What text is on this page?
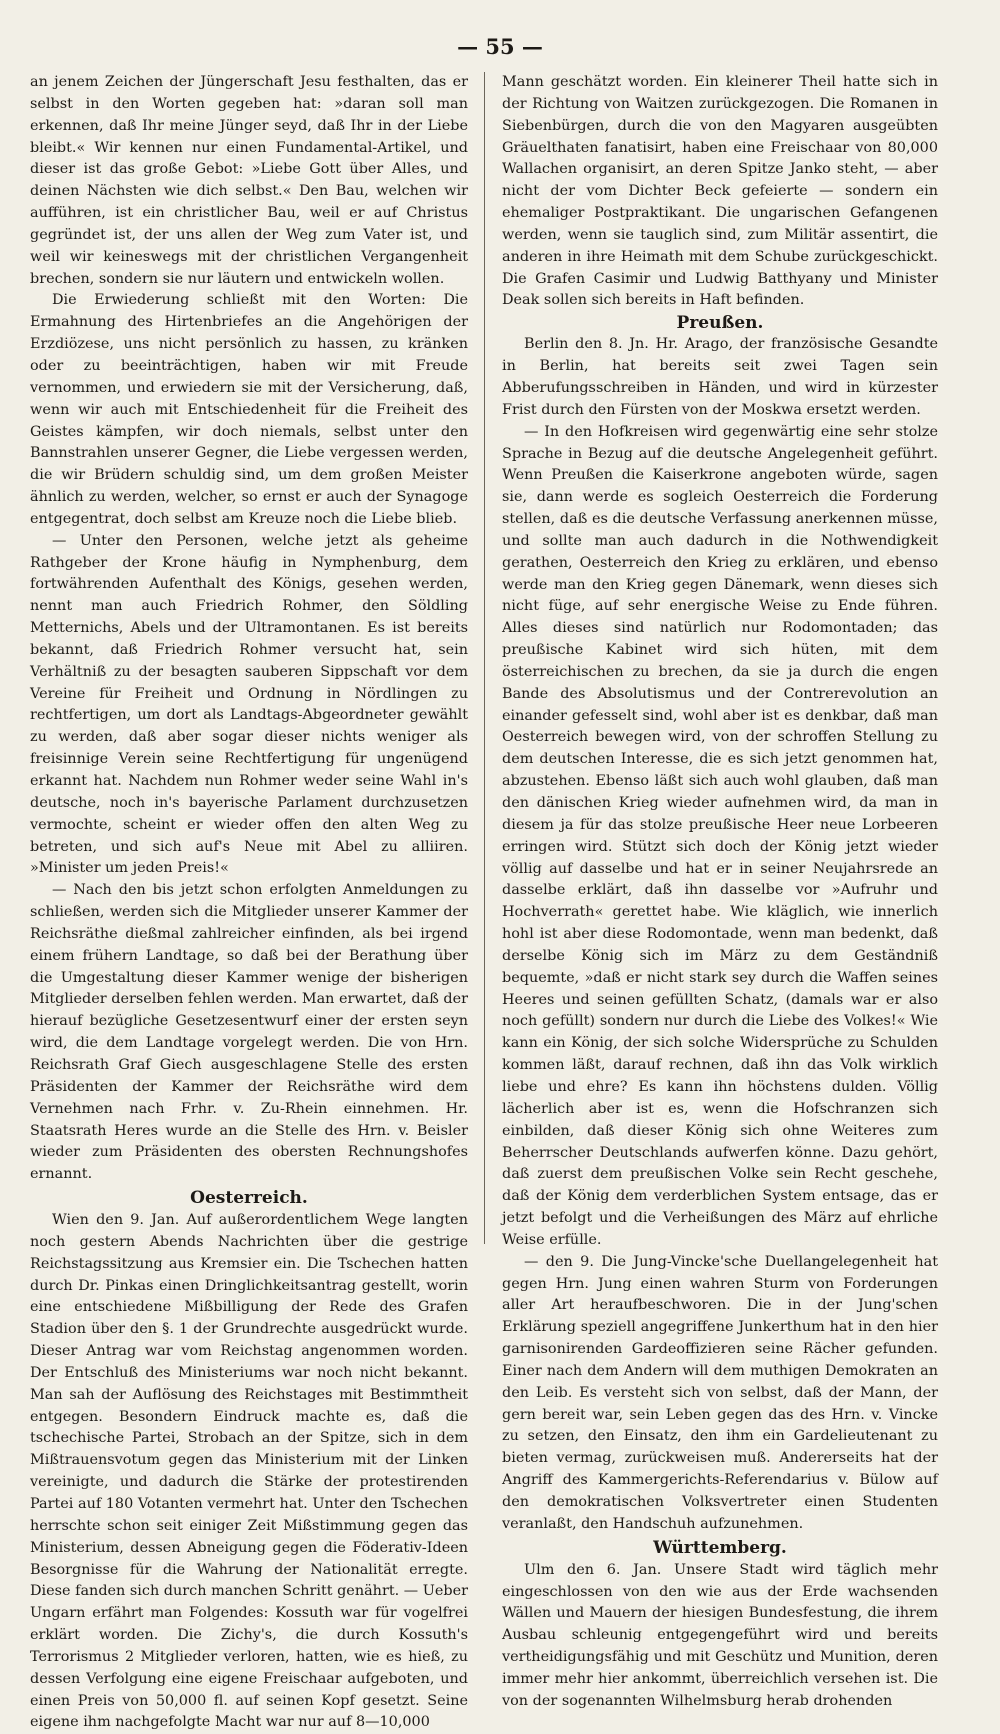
— 55 —

an jenem Zeichen der Jüngerschaft Jesu festhalten, das er selbst in den Worten gegeben hat: »daran soll man erkennen, daß Ihr meine Jünger seyd, daß Ihr in der Liebe bleibt.« Wir kennen nur einen Fundamental-Artikel, und dieser ist das große Gebot: »Liebe Gott über Alles, und deinen Nächsten wie dich selbst.« Den Bau, welchen wir aufführen, ist ein christlicher Bau, weil er auf Christus gegründet ist, der uns allen der Weg zum Vater ist, und weil wir keineswegs mit der christlichen Vergangenheit brechen, sondern sie nur läutern und entwickeln wollen.

Die Erwiederung schließt mit den Worten: Die Ermahnung des Hirtenbriefes an die Angehörigen der Erzdiözese, uns nicht persönlich zu hassen, zu kränken oder zu beeinträchtigen, haben wir mit Freude vernommen, und erwiedern sie mit der Versicherung, daß, wenn wir auch mit Entschiedenheit für die Freiheit des Geistes kämpfen, wir doch niemals, selbst unter den Bannstrahlen unserer Gegner, die Liebe vergessen werden, die wir Brüdern schuldig sind, um dem großen Meister ähnlich zu werden, welcher, so ernst er auch der Synagoge entgegentrat, doch selbst am Kreuze noch die Liebe blieb.

— Unter den Personen, welche jetzt als geheime Rathgeber der Krone häufig in Nymphenburg, dem fortwährenden Aufenthalt des Königs, gesehen werden, nennt man auch Friedrich Rohmer, den Söldling Metternichs, Abels und der Ultramontanen. Es ist bereits bekannt, daß Friedrich Rohmer versucht hat, sein Verhältniß zu der besagten sauberen Sippschaft vor dem Vereine für Freiheit und Ordnung in Nördlingen zu rechtfertigen, um dort als Landtags-Abgeordneter gewählt zu werden, daß aber sogar dieser nichts weniger als freisinnige Verein seine Rechtfertigung für ungenügend erkannt hat. Nachdem nun Rohmer weder seine Wahl in's deutsche, noch in's bayerische Parlament durchzusetzen vermochte, scheint er wieder offen den alten Weg zu betreten, und sich auf's Neue mit Abel zu alliiren. »Minister um jeden Preis!«

— Nach den bis jetzt schon erfolgten Anmeldungen zu schließen, werden sich die Mitglieder unserer Kammer der Reichsräthe dießmal zahlreicher einfinden, als bei irgend einem frühern Landtage, so daß bei der Berathung über die Umgestaltung dieser Kammer wenige der bisherigen Mitglieder derselben fehlen werden. Man erwartet, daß der hierauf bezügliche Gesetzesentwurf einer der ersten seyn wird, die dem Landtage vorgelegt werden. Die von Hrn. Reichsrath Graf Giech ausgeschlagene Stelle des ersten Präsidenten der Kammer der Reichsräthe wird dem Vernehmen nach Frhr. v. Zu-Rhein einnehmen. Hr. Staatsrath Heres wurde an die Stelle des Hrn. v. Beisler wieder zum Präsidenten des obersten Rechnungshofes ernannt.

Oesterreich.

Wien den 9. Jan. Auf außerordentlichem Wege langten noch gestern Abends Nachrichten über die gestrige Reichstagssitzung aus Kremsier ein. Die Tschechen hatten durch Dr. Pinkas einen Dringlichkeitsantrag gestellt, worin eine entschiedene Mißbilligung der Rede des Grafen Stadion über den §. 1 der Grundrechte ausgedrückt wurde. Dieser Antrag war vom Reichstag angenommen worden. Der Entschluß des Ministeriums war noch nicht bekannt. Man sah der Auflösung des Reichstages mit Bestimmtheit entgegen. Besondern Eindruck machte es, daß die tschechische Partei, Strobach an der Spitze, sich in dem Mißtrauensvotum gegen das Ministerium mit der Linken vereinigte, und dadurch die Stärke der protestirenden Partei auf 180 Votanten vermehrt hat. Unter den Tschechen herrschte schon seit einiger Zeit Mißstimmung gegen das Ministerium, dessen Abneigung gegen die Föderativ-Ideen Besorgnisse für die Wahrung der Nationalität erregte. Diese fanden sich durch manchen Schritt genährt. — Ueber Ungarn erfährt man Folgendes: Kossuth war für vogelfrei erklärt worden. Die Zichy's, die durch Kossuth's Terrorismus 2 Mitglieder verloren, hatten, wie es hieß, zu dessen Verfolgung eine eigene Freischaar aufgeboten, und einen Preis von 50,000 fl. auf seinen Kopf gesetzt. Seine eigene ihm nachgefolgte Macht war nur auf 8—10,000

Mann geschätzt worden. Ein kleinerer Theil hatte sich in der Richtung von Waitzen zurückgezogen. Die Romanen in Siebenbürgen, durch die von den Magyaren ausgeübten Gräuelthaten fanatisirt, haben eine Freischaar von 80,000 Wallachen organisirt, an deren Spitze Janko steht, — aber nicht der vom Dichter Beck gefeierte — sondern ein ehemaliger Postpraktikant. Die ungarischen Gefangenen werden, wenn sie tauglich sind, zum Militär assentirt, die anderen in ihre Heimath mit dem Schube zurückgeschickt. Die Grafen Casimir und Ludwig Batthyany und Minister Deak sollen sich bereits in Haft befinden.

Preußen.

Berlin den 8. Jn. Hr. Arago, der französische Gesandte in Berlin, hat bereits seit zwei Tagen sein Abberufungsschreiben in Händen, und wird in kürzester Frist durch den Fürsten von der Moskwa ersetzt werden.

— In den Hofkreisen wird gegenwärtig eine sehr stolze Sprache in Bezug auf die deutsche Angelegenheit geführt. Wenn Preußen die Kaiserkrone angeboten würde, sagen sie, dann werde es sogleich Oesterreich die Forderung stellen, daß es die deutsche Verfassung anerkennen müsse, und sollte man auch dadurch in die Nothwendigkeit gerathen, Oesterreich den Krieg zu erklären, und ebenso werde man den Krieg gegen Dänemark, wenn dieses sich nicht füge, auf sehr energische Weise zu Ende führen. Alles dieses sind natürlich nur Rodomontaden; das preußische Kabinet wird sich hüten, mit dem österreichischen zu brechen, da sie ja durch die engen Bande des Absolutismus und der Contrerevolution an einander gefesselt sind, wohl aber ist es denkbar, daß man Oesterreich bewegen wird, von der schroffen Stellung zu dem deutschen Interesse, die es sich jetzt genommen hat, abzustehen. Ebenso läßt sich auch wohl glauben, daß man den dänischen Krieg wieder aufnehmen wird, da man in diesem ja für das stolze preußische Heer neue Lorbeeren erringen wird. Stützt sich doch der König jetzt wieder völlig auf dasselbe und hat er in seiner Neujahrsrede an dasselbe erklärt, daß ihn dasselbe vor »Aufruhr und Hochverrath« gerettet habe. Wie kläglich, wie innerlich hohl ist aber diese Rodomontade, wenn man bedenkt, daß derselbe König sich im März zu dem Geständniß bequemte, »daß er nicht stark sey durch die Waffen seines Heeres und seinen gefüllten Schatz, (damals war er also noch gefüllt) sondern nur durch die Liebe des Volkes!« Wie kann ein König, der sich solche Widersprüche zu Schulden kommen läßt, darauf rechnen, daß ihn das Volk wirklich liebe und ehre? Es kann ihn höchstens dulden. Völlig lächerlich aber ist es, wenn die Hofschranzen sich einbilden, daß dieser König sich ohne Weiteres zum Beherrscher Deutschlands aufwerfen könne. Dazu gehört, daß zuerst dem preußischen Volke sein Recht geschehe, daß der König dem verderblichen System entsage, das er jetzt befolgt und die Verheißungen des März auf ehrliche Weise erfülle.

— den 9. Die Jung-Vincke'sche Duellangelegenheit hat gegen Hrn. Jung einen wahren Sturm von Forderungen aller Art heraufbeschworen. Die in der Jung'schen Erklärung speziell angegriffene Junkerthum hat in den hier garnisonirenden Gardeoffizieren seine Rächer gefunden. Einer nach dem Andern will dem muthigen Demokraten an den Leib. Es versteht sich von selbst, daß der Mann, der gern bereit war, sein Leben gegen das des Hrn. v. Vincke zu setzen, den Einsatz, den ihm ein Gardelieutenant zu bieten vermag, zurückweisen muß. Andererseits hat der Angriff des Kammergerichts-Referendarius v. Bülow auf den demokratischen Volksvertreter einen Studenten veranlaßt, den Handschuh aufzunehmen.

Württemberg.

Ulm den 6. Jan. Unsere Stadt wird täglich mehr eingeschlossen von den wie aus der Erde wachsenden Wällen und Mauern der hiesigen Bundesfestung, die ihrem Ausbau schleunig entgegengeführt wird und bereits vertheidigungsfähig und mit Geschütz und Munition, deren immer mehr hier ankommt, überreichlich versehen ist. Die von der sogenannten Wilhelmsburg herab drohenden
